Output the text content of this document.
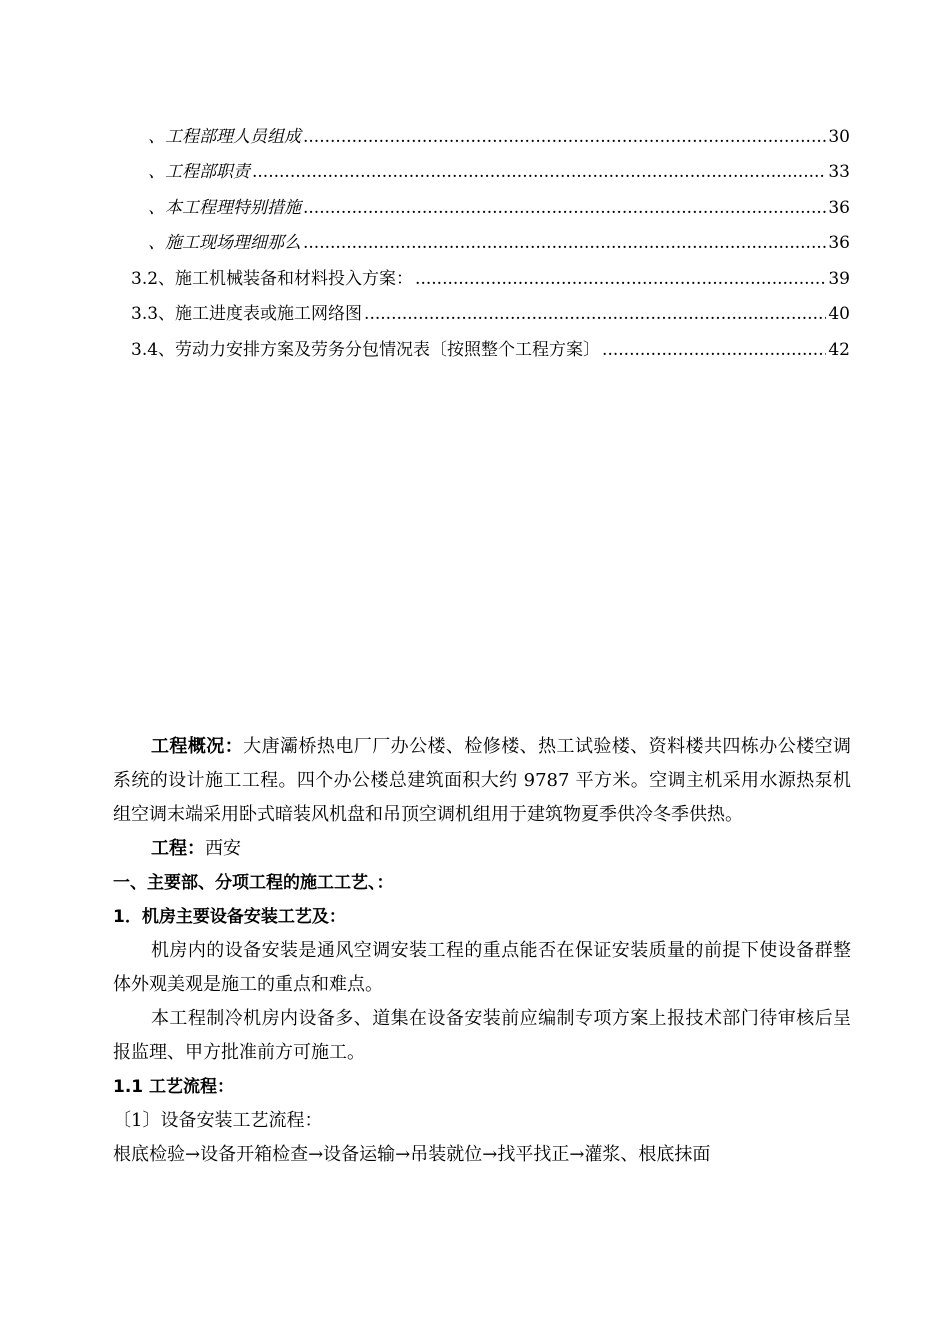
、工程部理人员组成 .....	30
、工程部职责 .....	33
、本工程理特别措施 .....	36
、施工现场理细那么 .....	36
3.2、施工机械装备和材料投入方案： .....	39
3.3、施工进度表或施工网络图 .....	40
3.4、劳动力安排方案及劳务分包情况表〔按照整个工程方案〕 .....	42

工程概况：大唐灞桥热电厂厂办公楼、检修楼、热工试验楼、资料楼共四栋办公楼空调系统的设计施工工程。四个办公楼总建筑面积大约 9787 平方米。空调主机采用水源热泵机组空调末端采用卧式暗装风机盘和吊顶空调机组用于建筑物夏季供冷冬季供热。

工程：西安

一、主要部、分项工程的施工工艺、：

1．机房主要设备安装工艺及：

机房内的设备安装是通风空调安装工程的重点能否在保证安装质量的前提下使设备群整体外观美观是施工的重点和难点。

本工程制冷机房内设备多、道集在设备安装前应编制专项方案上报技术部门待审核后呈报监理、甲方批准前方可施工。

1.1 工艺流程：

〔1〕设备安装工艺流程：

根底检验→设备开箱检查→设备运输→吊装就位→找平找正→灌浆、根底抹面
